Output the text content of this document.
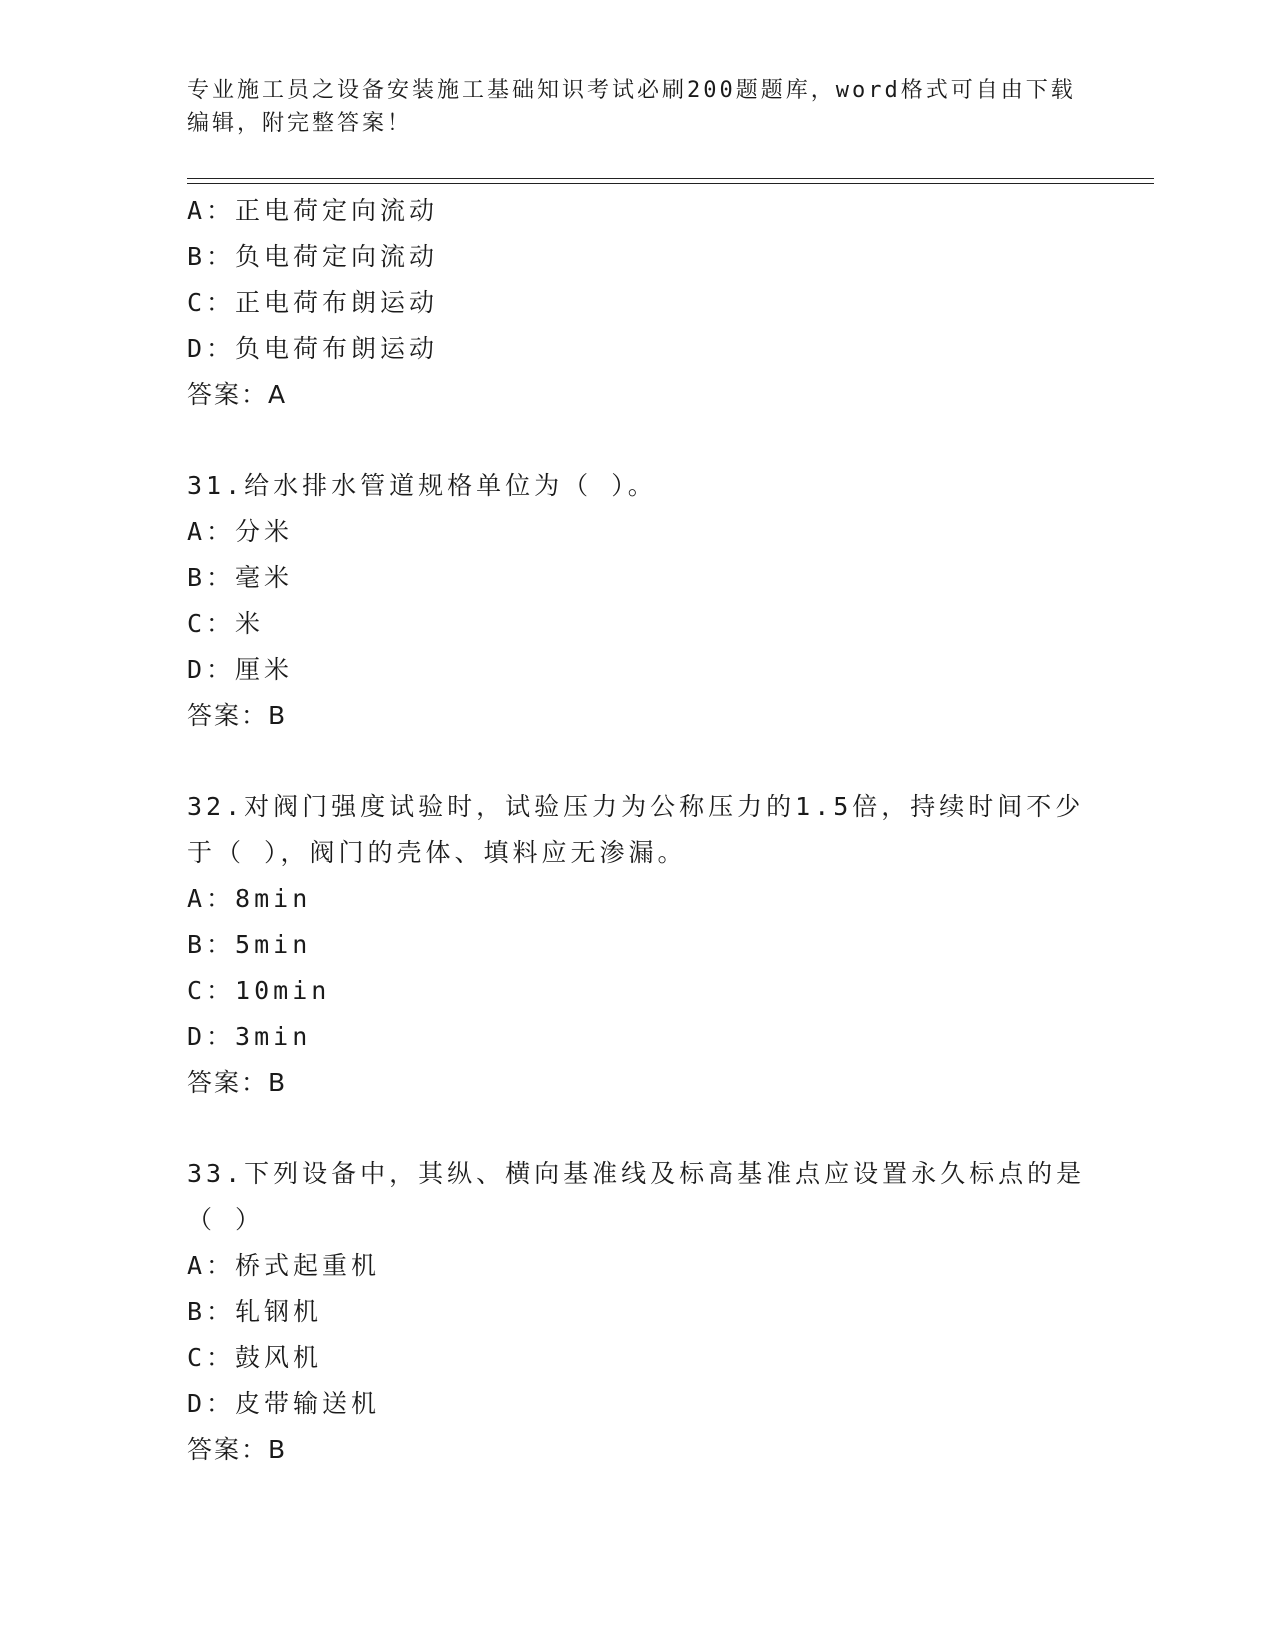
专业施工员之设备安装施工基础知识考试必刷200题题库，word格式可自由下载
编辑，附完整答案！
A：正电荷定向流动
B：负电荷定向流动
C：正电荷布朗运动
D：负电荷布朗运动
答案：A
31.给水排水管道规格单位为（ ）。
A：分米
B：毫米
C：米
D：厘米
答案：B
32.对阀门强度试验时，试验压力为公称压力的1.5倍，持续时间不少于（ ），阀门的壳体、填料应无渗漏。
A：8min
B：5min
C：10min
D：3min
答案：B
33.下列设备中，其纵、横向基准线及标高基准点应设置永久标点的是（ ）
A：桥式起重机
B：轧钢机
C：鼓风机
D：皮带输送机
答案：B
